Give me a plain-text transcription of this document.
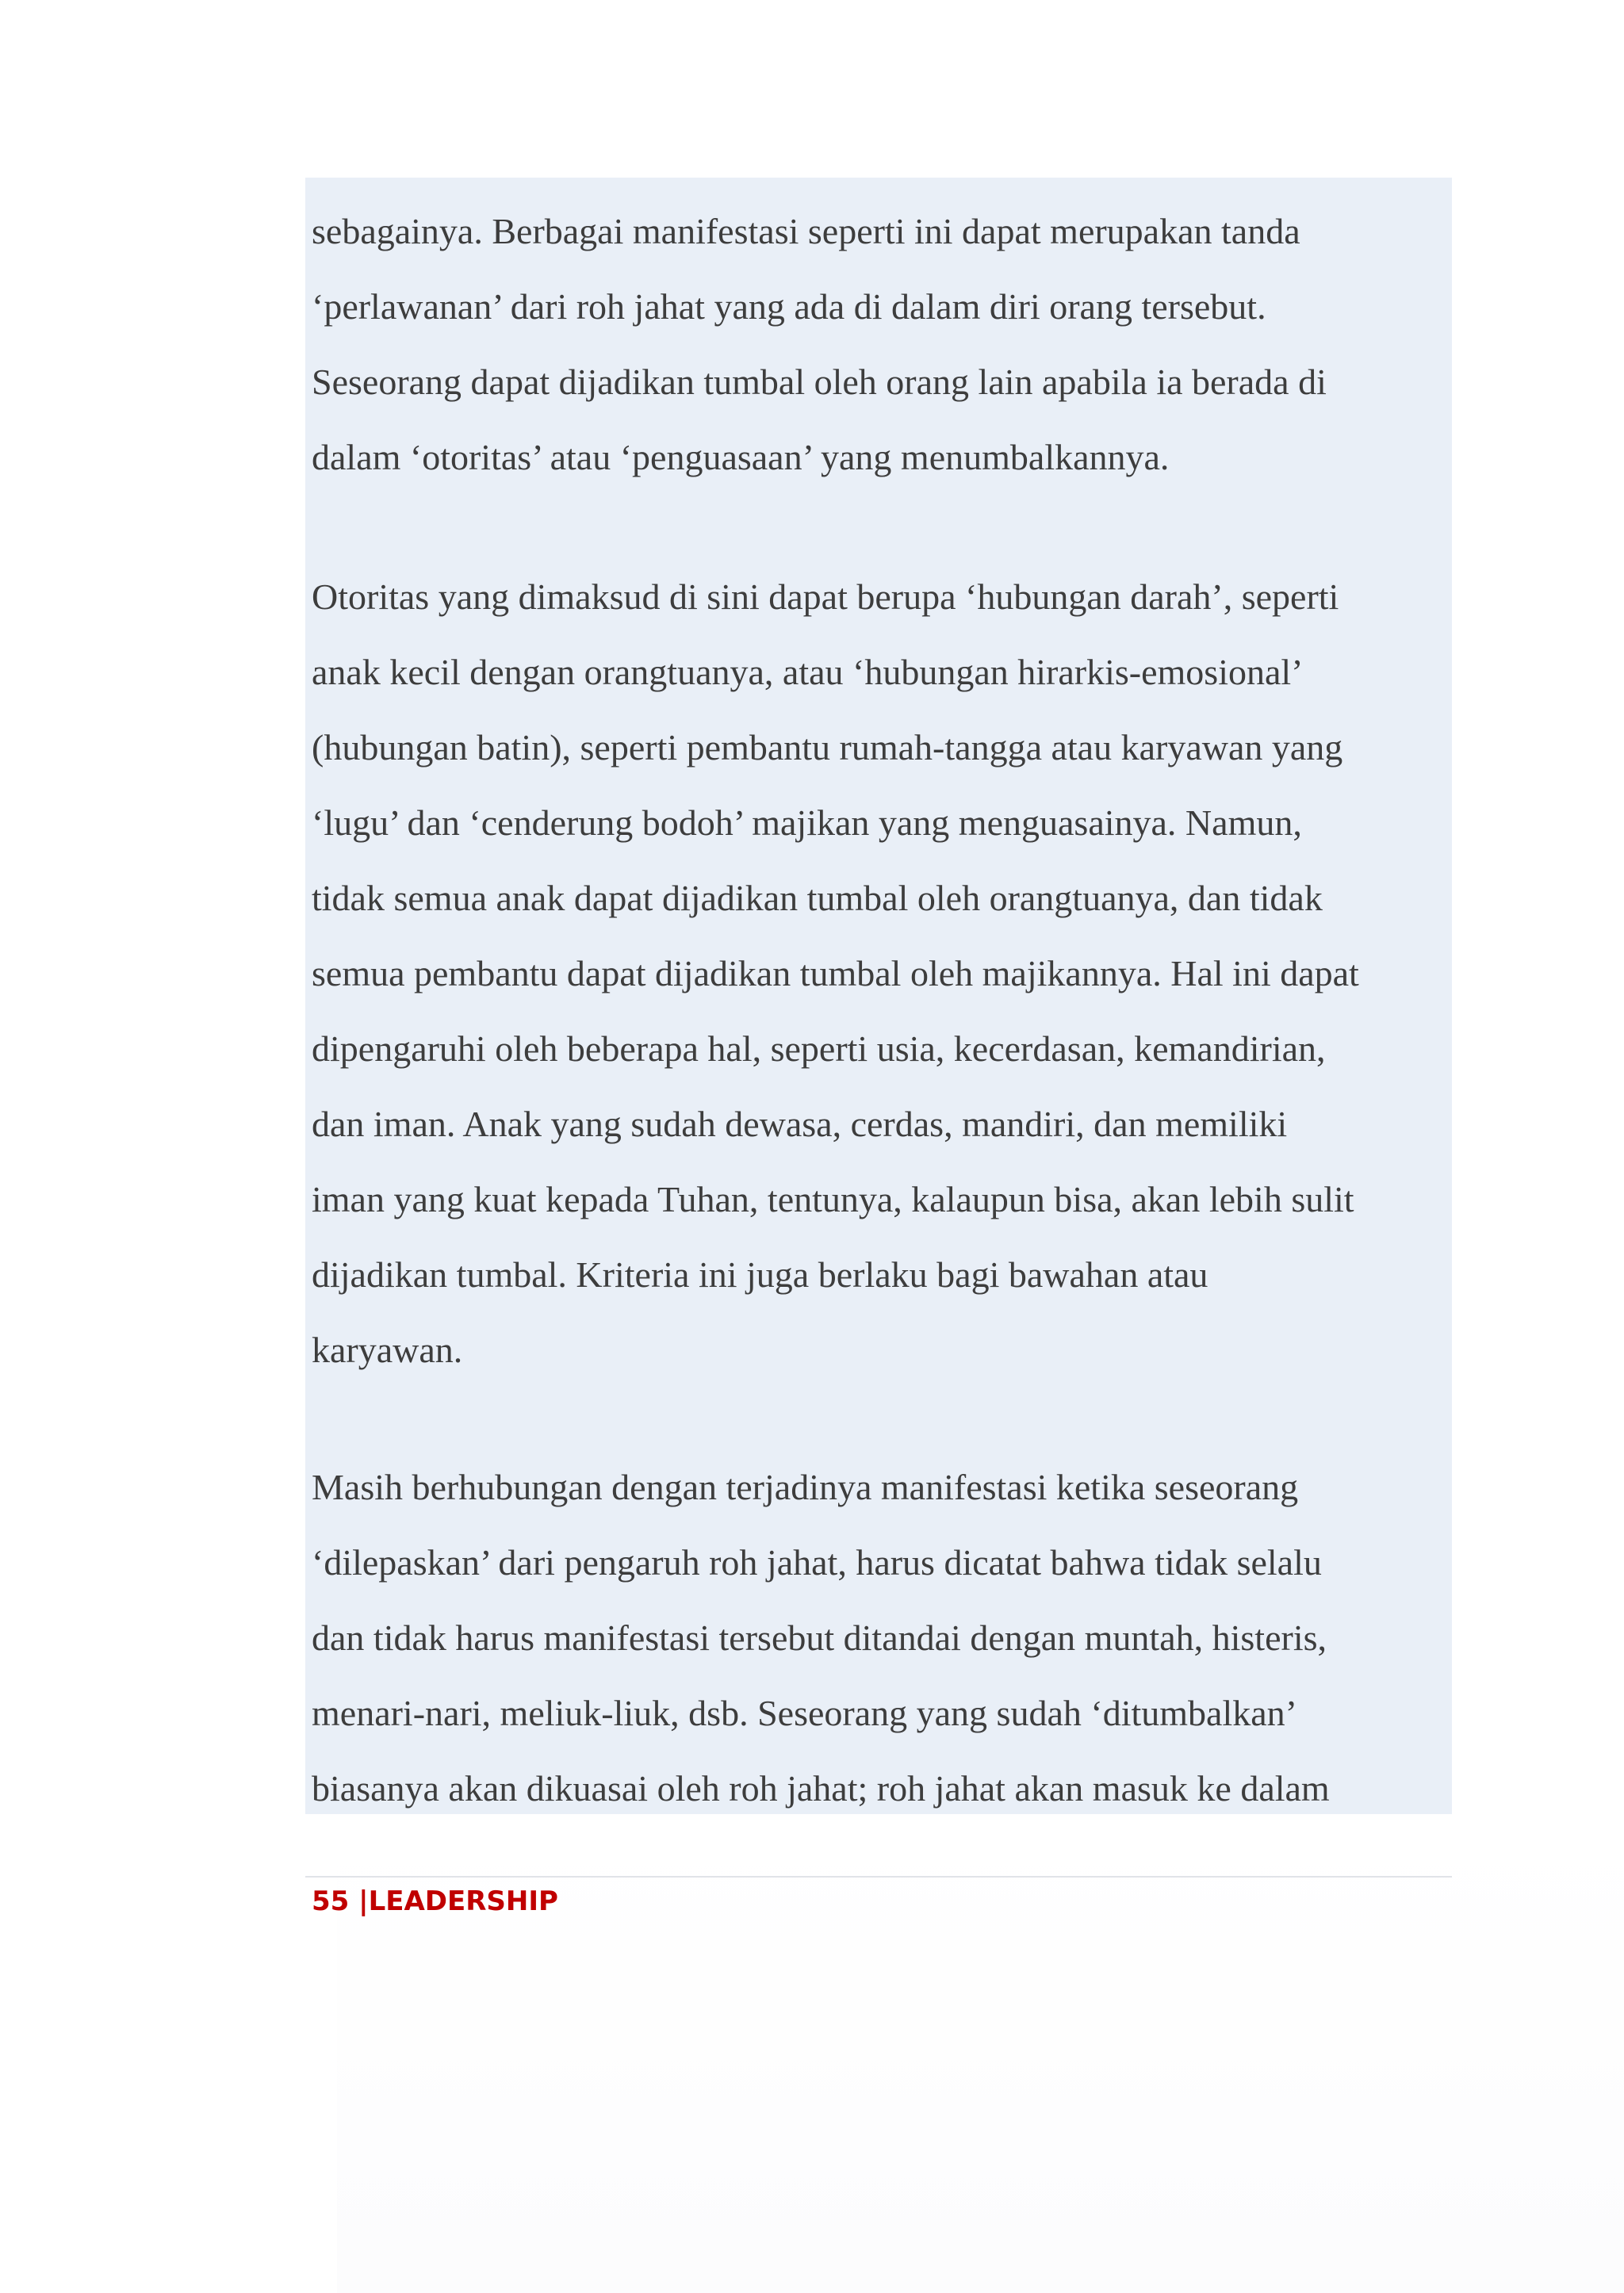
sebagainya. Berbagai manifestasi seperti ini dapat merupakan tanda
‘perlawanan’ dari roh jahat yang ada di dalam diri orang tersebut.
Seseorang dapat dijadikan tumbal oleh orang lain apabila ia berada di
dalam ‘otoritas’ atau ‘penguasaan’ yang menumbalkannya.

Otoritas yang dimaksud di sini dapat berupa ‘hubungan darah’, seperti
anak kecil dengan orangtuanya, atau ‘hubungan hirarkis-emosional’
(hubungan batin), seperti pembantu rumah-tangga atau karyawan yang
‘lugu’ dan ‘cenderung bodoh’ majikan yang menguasainya. Namun,
tidak semua anak dapat dijadikan tumbal oleh orangtuanya, dan tidak
semua pembantu dapat dijadikan tumbal oleh majikannya. Hal ini dapat
dipengaruhi oleh beberapa hal, seperti usia, kecerdasan, kemandirian,
dan iman. Anak yang sudah dewasa, cerdas, mandiri, dan memiliki
iman yang kuat kepada Tuhan, tentunya, kalaupun bisa, akan lebih sulit
dijadikan tumbal. Kriteria ini juga berlaku bagi bawahan atau
karyawan.

Masih berhubungan dengan terjadinya manifestasi ketika seseorang
‘dilepaskan’ dari pengaruh roh jahat, harus dicatat bahwa tidak selalu
dan tidak harus manifestasi tersebut ditandai dengan muntah, histeris,
menari-nari, meliuk-liuk, dsb. Seseorang yang sudah ‘ditumbalkan’
biasanya akan dikuasai oleh roh jahat; roh jahat akan masuk ke dalam

55 |LEADERSHIP
